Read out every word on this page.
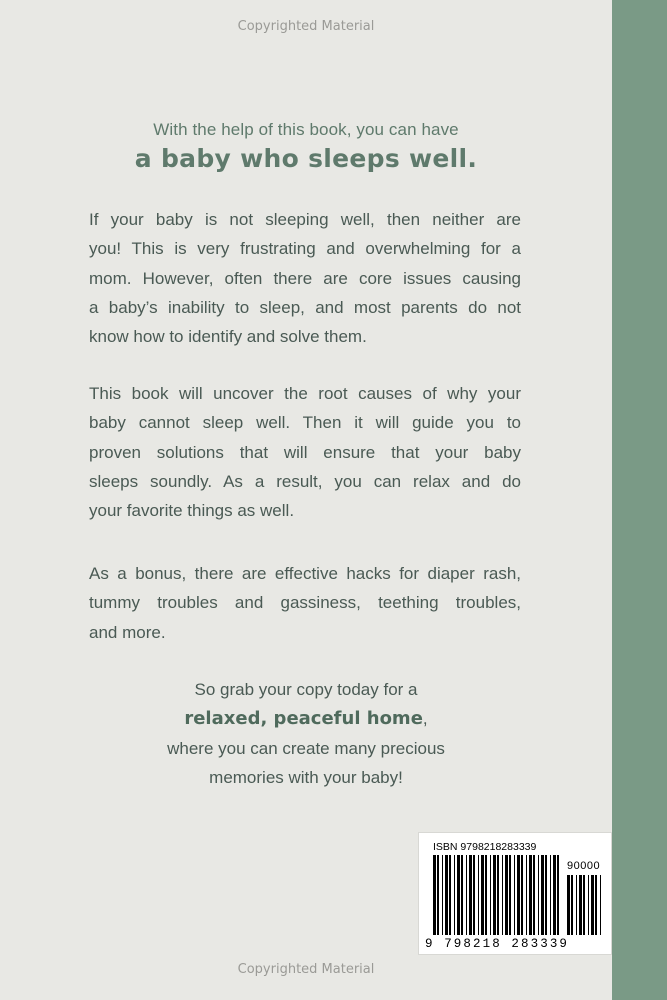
Copyrighted Material
With the help of this book, you can have
a baby who sleeps well.
If your baby is not sleeping well, then neither are
you! This is very frustrating and overwhelming for a
mom. However, often there are core issues causing
a baby’s inability to sleep, and most parents do not
know how to identify and solve them.
This book will uncover the root causes of why your
baby cannot sleep well. Then it will guide you to
proven solutions that will ensure that your baby
sleeps soundly. As a result, you can relax and do
your favorite things as well.
As a bonus, there are effective hacks for diaper rash,
tummy troubles and gassiness, teething troubles,
and more.
So grab your copy today for a
relaxed, peaceful home,
where you can create many precious
memories with your baby!
ISBN 9798218283339
90000
9 798218 283339
Copyrighted Material
